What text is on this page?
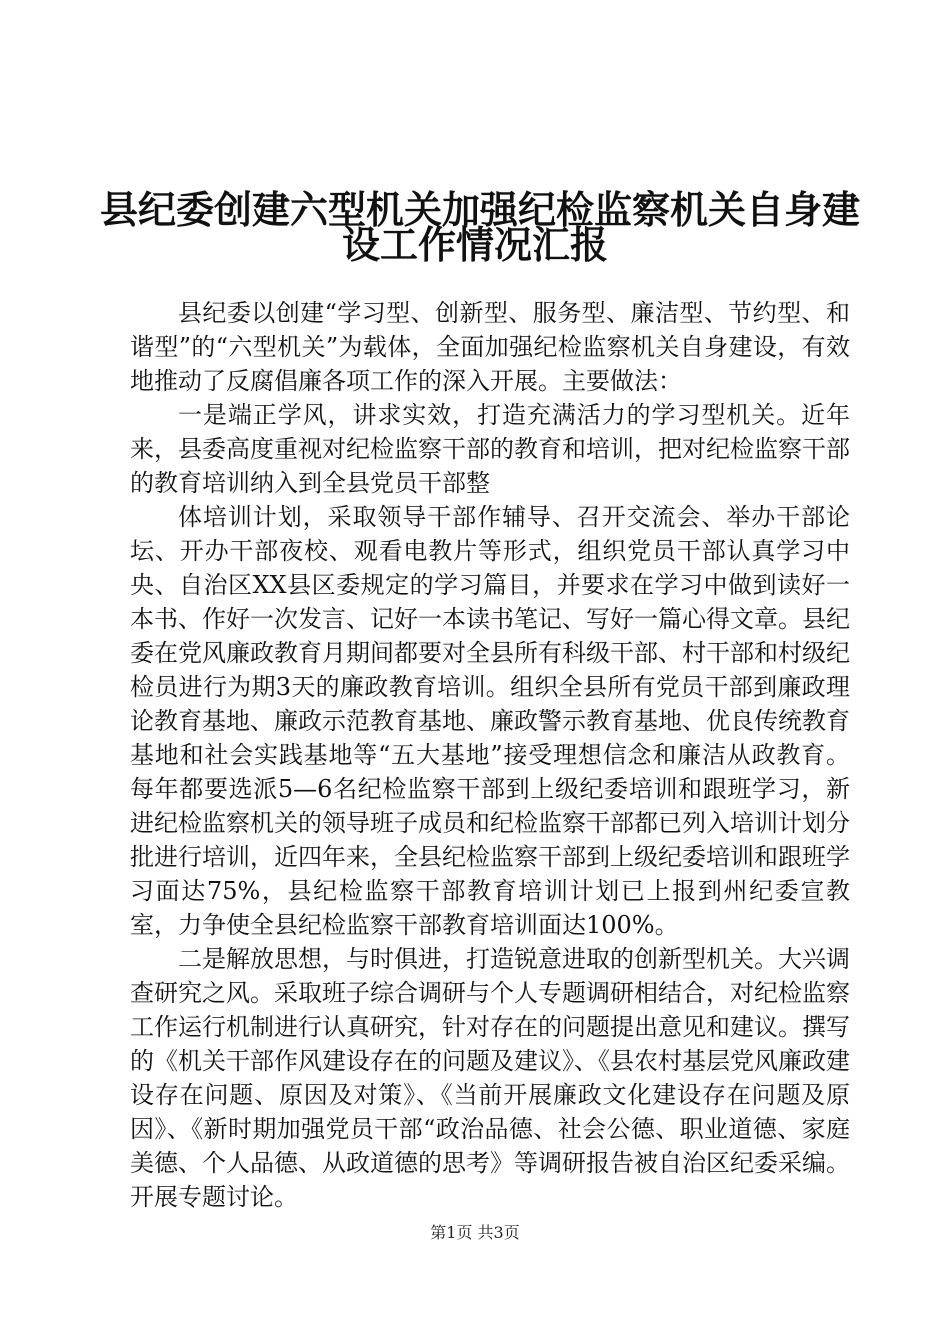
县纪委创建六型机关加强纪检监察机关自身建
设工作情况汇报

县纪委以创建“学习型、创新型、服务型、廉洁型、节约型、和谐型”的“六型机关”为载体，全面加强纪检监察机关自身建设，有效地推动了反腐倡廉各项工作的深入开展。主要做法：

一是端正学风，讲求实效，打造充满活力的学习型机关。近年来，县委高度重视对纪检监察干部的教育和培训，把对纪检监察干部的教育培训纳入到全县党员干部整

体培训计划，采取领导干部作辅导、召开交流会、举办干部论坛、开办干部夜校、观看电教片等形式，组织党员干部认真学习中央、自治区XX县区委规定的学习篇目，并要求在学习中做到读好一本书、作好一次发言、记好一本读书笔记、写好一篇心得文章。县纪委在党风廉政教育月期间都要对全县所有科级干部、村干部和村级纪检员进行为期3天的廉政教育培训。组织全县所有党员干部到廉政理论教育基地、廉政示范教育基地、廉政警示教育基地、优良传统教育基地和社会实践基地等“五大基地”接受理想信念和廉洁从政教育。每年都要选派5—6名纪检监察干部到上级纪委培训和跟班学习，新进纪检监察机关的领导班子成员和纪检监察干部都已列入培训计划分批进行培训，近四年来，全县纪检监察干部到上级纪委培训和跟班学习面达75%，县纪检监察干部教育培训计划已上报到州纪委宣教室，力争使全县纪检监察干部教育培训面达100%。

二是解放思想，与时俱进，打造锐意进取的创新型机关。大兴调查研究之风。采取班子综合调研与个人专题调研相结合，对纪检监察工作运行机制进行认真研究，针对存在的问题提出意见和建议。撰写的《机关干部作风建设存在的问题及建议》、《县农村基层党风廉政建设存在问题、原因及对策》、《当前开展廉政文化建设存在问题及原因》、《新时期加强党员干部“政治品德、社会公德、职业道德、家庭美德、个人品德、从政道德的思考》等调研报告被自治区纪委采编。开展专题讨论。

第1页 共3页
